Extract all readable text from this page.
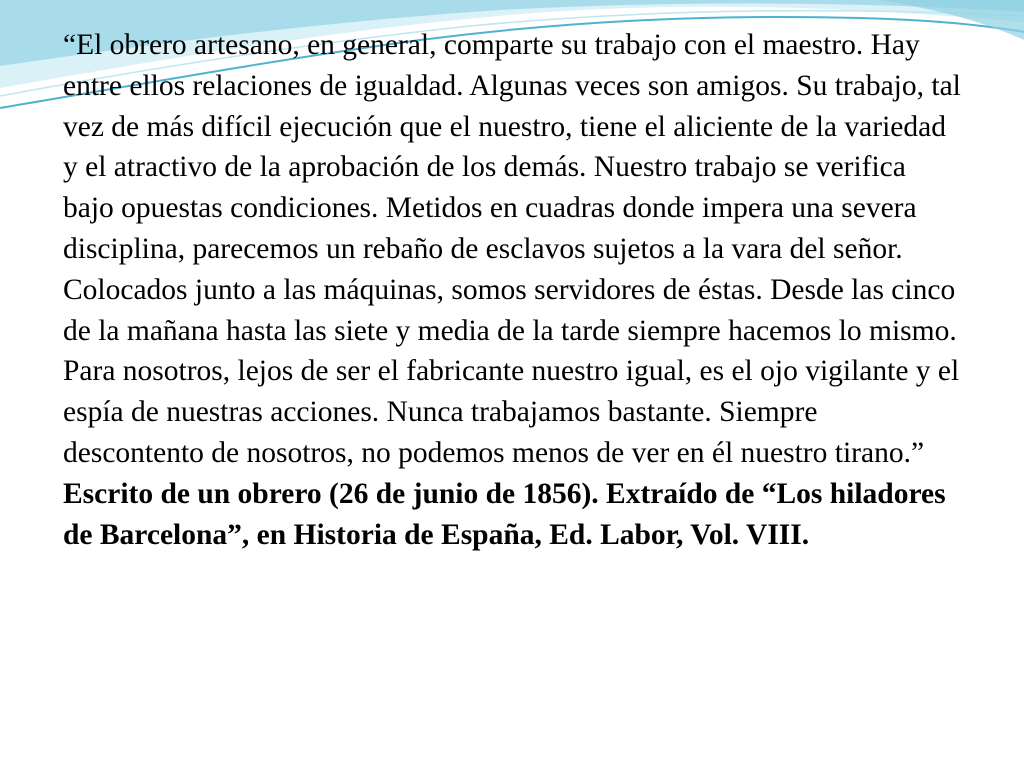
“El obrero artesano, en general, comparte su trabajo con el maestro. Hay entre ellos relaciones de igualdad. Algunas veces son amigos. Su trabajo, tal vez de más difícil ejecución que el nuestro, tiene el aliciente de la variedad y el atractivo de la aprobación de los demás. Nuestro trabajo se verifica bajo opuestas condiciones. Metidos en cuadras donde impera una severa disciplina, parecemos un rebaño de esclavos sujetos a la vara del señor. Colocados junto a las máquinas, somos servidores de éstas. Desde las cinco de la mañana hasta las siete y media de la tarde siempre hacemos lo mismo. Para nosotros, lejos de ser el fabricante nuestro igual, es el ojo vigilante y el espía de nuestras acciones. Nunca trabajamos bastante. Siempre descontento de nosotros, no podemos menos de ver en él nuestro tirano.”

Escrito de un obrero (26 de junio de 1856). Extraído de “Los hiladores de Barcelona”, en Historia de España, Ed. Labor, Vol. VIII.
